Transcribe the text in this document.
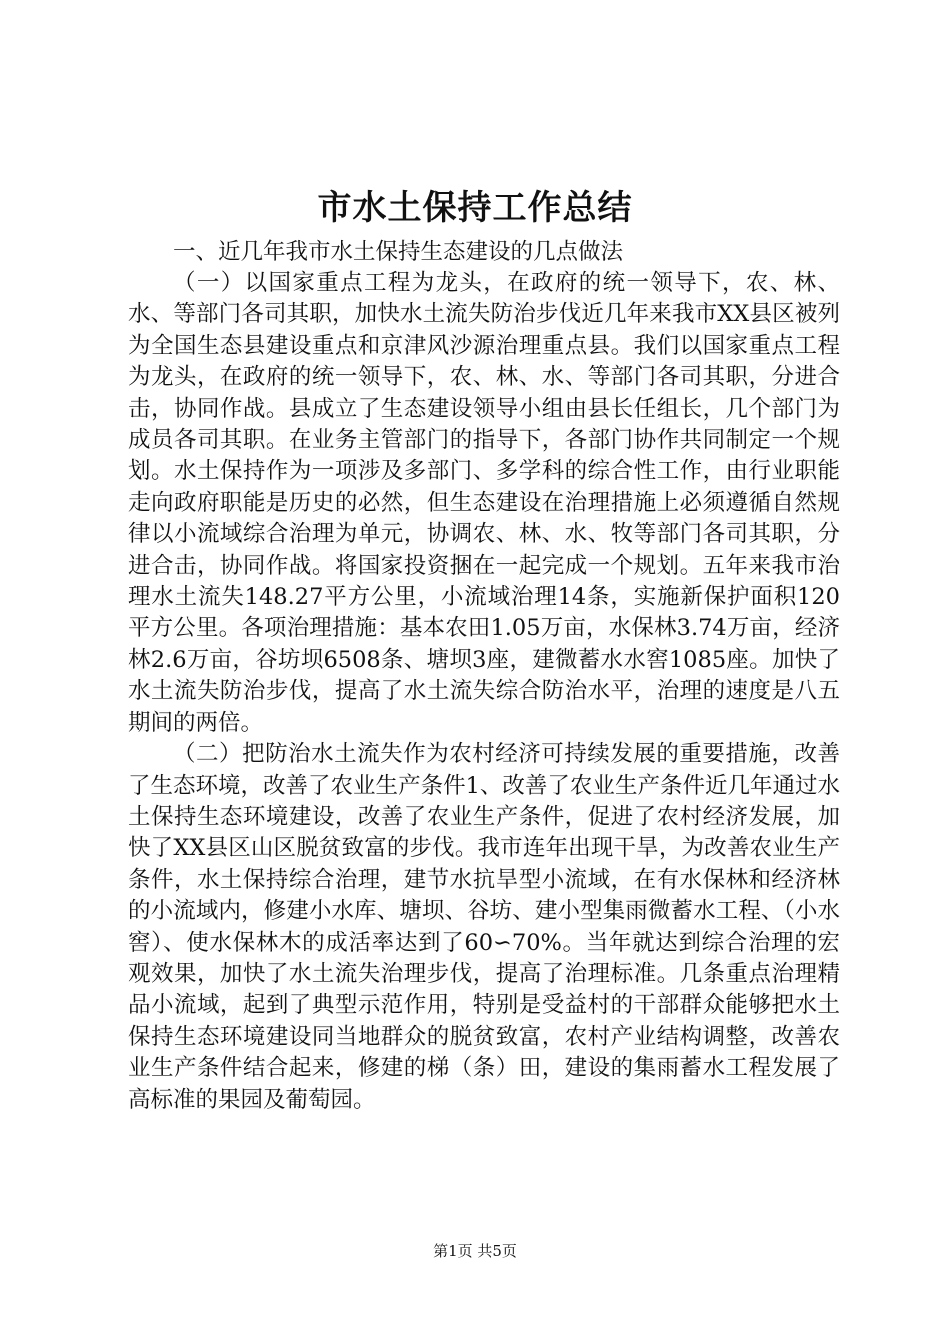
市水土保持工作总结

一、近几年我市水土保持生态建设的几点做法

（一）以国家重点工程为龙头，在政府的统一领导下，农、林、水、等部门各司其职，加快水土流失防治步伐近几年来我市XX县区被列为全国生态县建设重点和京津风沙源治理重点县。我们以国家重点工程为龙头，在政府的统一领导下，农、林、水、等部门各司其职，分进合击，协同作战。县成立了生态建设领导小组由县长任组长，几个部门为成员各司其职。在业务主管部门的指导下，各部门协作共同制定一个规划。水土保持作为一项涉及多部门、多学科的综合性工作，由行业职能走向政府职能是历史的必然，但生态建设在治理措施上必须遵循自然规律以小流域综合治理为单元，协调农、林、水、牧等部门各司其职，分进合击，协同作战。将国家投资捆在一起完成一个规划。五年来我市治理水土流失148.27平方公里，小流域治理14条，实施新保护面积120平方公里。各项治理措施：基本农田1.05万亩，水保林3.74万亩，经济林2.6万亩，谷坊坝6508条、塘坝3座，建微蓄水水窖1085座。加快了水土流失防治步伐，提高了水土流失综合防治水平，治理的速度是八五期间的两倍。

（二）把防治水土流失作为农村经济可持续发展的重要措施，改善了生态环境，改善了农业生产条件1、改善了农业生产条件近几年通过水土保持生态环境建设，改善了农业生产条件，促进了农村经济发展，加快了XX县区山区脱贫致富的步伐。我市连年出现干旱，为改善农业生产条件，水土保持综合治理，建节水抗旱型小流域，在有水保林和经济林的小流域内，修建小水库、塘坝、谷坊、建小型集雨微蓄水工程、（小水窖）、使水保林木的成活率达到了60∽70%。当年就达到综合治理的宏观效果，加快了水土流失治理步伐，提高了治理标准。几条重点治理精品小流域，起到了典型示范作用，特别是受益村的干部群众能够把水土保持生态环境建设同当地群众的脱贫致富，农村产业结构调整，改善农业生产条件结合起来，修建的梯（条）田，建设的集雨蓄水工程发展了高标准的果园及葡萄园。

第1页 共5页
